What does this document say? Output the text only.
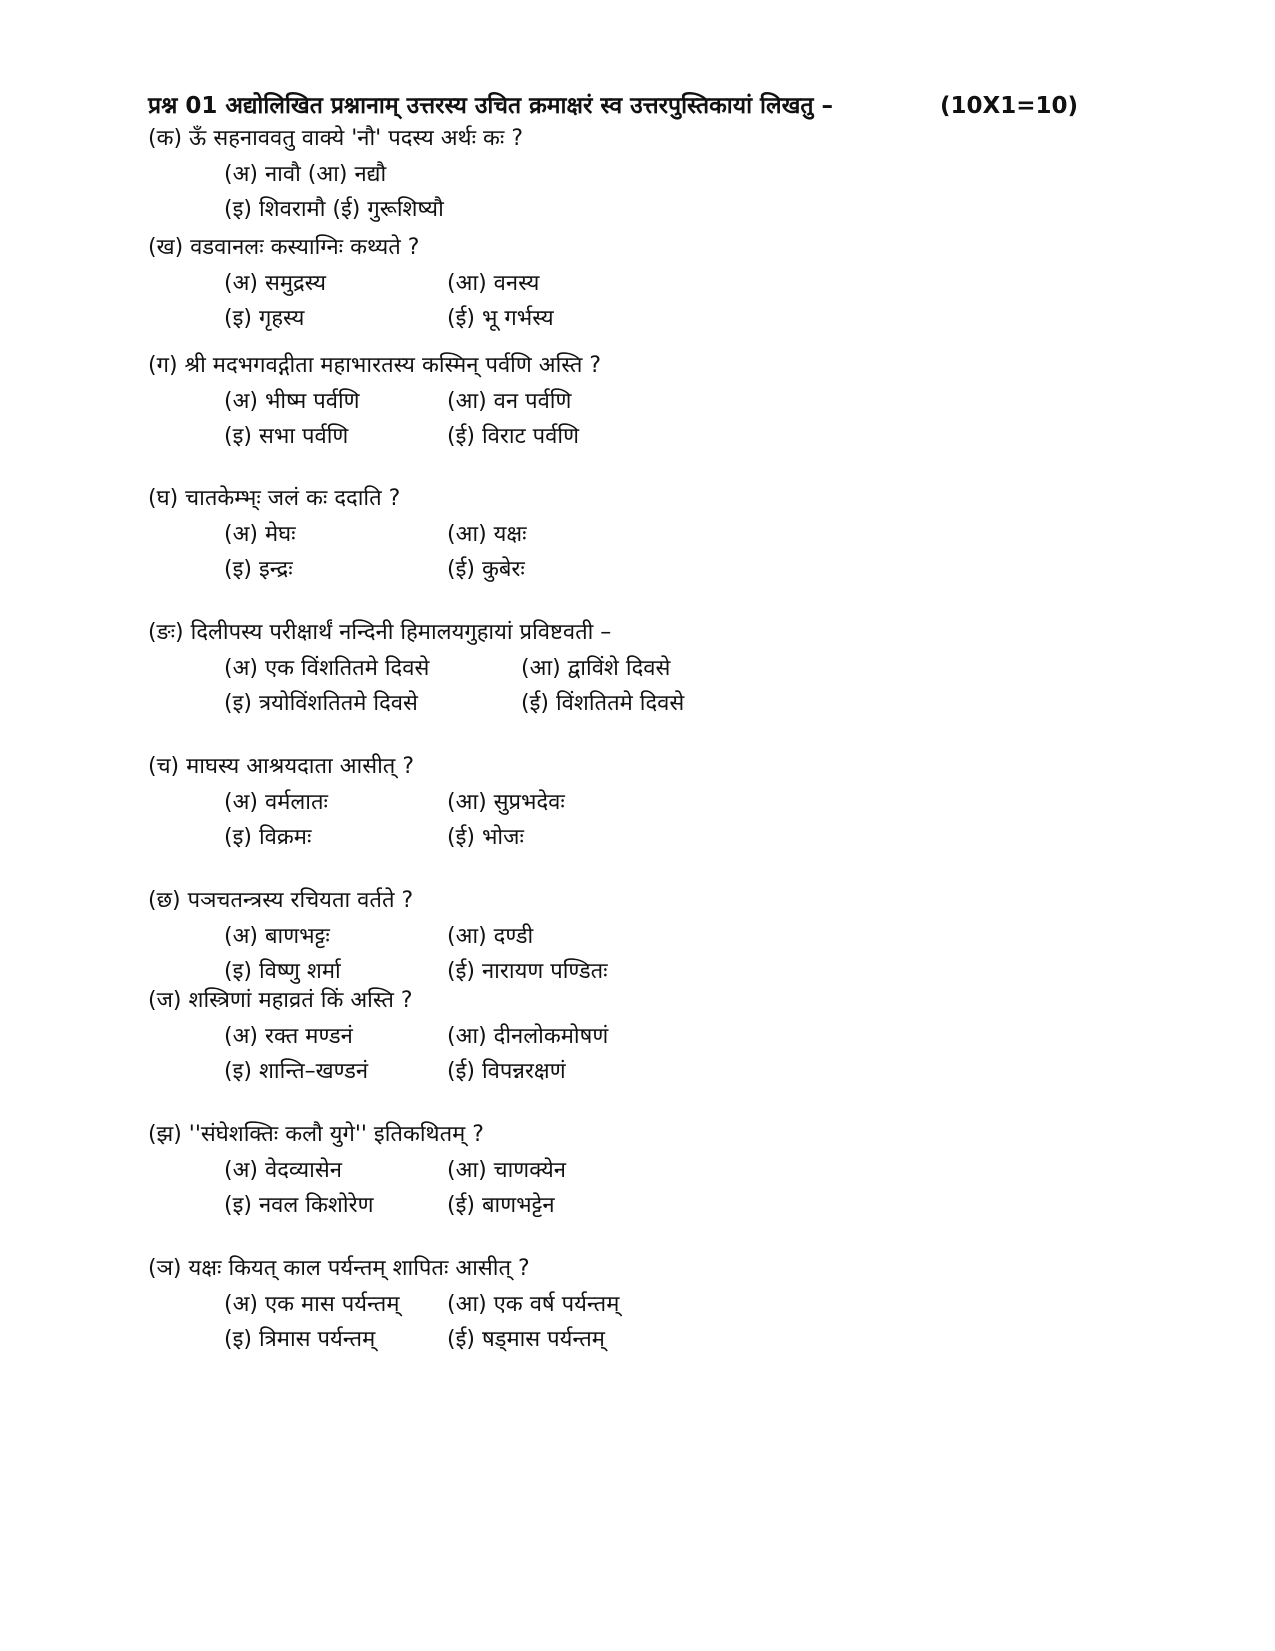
प्रश्न 01 अद्योलिखित प्रश्नानाम् उत्तरस्य उचित क्रमाक्षरं स्व उत्तरपुस्तिकायां लिखतु –	(10X1=10)
(क) ऊँ सहनाववतु वाक्ये 'नौ' पदस्य अर्थः कः ?
(अ) नावौ (आ) नद्यौ
(इ) शिवरामौ (ई) गुरूशिष्यौ
(ख) वडवानलः कस्याग्निः कथ्यते ?
(अ) समुद्रस्य	(आ) वनस्य
(इ) गृहस्य	(ई) भू गर्भस्य
(ग) श्री मदभगवद्गीता महाभारतस्य कस्मिन् पर्वणि अस्ति ?
(अ) भीष्म पर्वणि	(आ) वन पर्वणि
(इ) सभा पर्वणि	(ई) विराट पर्वणि
(घ) चातकेम्भ्ः जलं कः ददाति ?
(अ) मेघः	(आ) यक्षः
(इ) इन्द्रः	(ई) कुबेरः
(ङः) दिलीपस्य परीक्षार्थं नन्दिनी हिमालयगुहायां प्रविष्टवती –
(अ) एक विंशतितमे दिवसे	(आ) द्वाविंशे दिवसे
(इ) त्रयोविंशतितमे दिवसे	(ई) विंशतितमे दिवसे
(च) माघस्य आश्रयदाता आसीत् ?
(अ) वर्मलातः	(आ) सुप्रभदेवः
(इ) विक्रमः	(ई) भोजः
(छ) पञचतन्त्रस्य रचियता वर्तते ?
(अ) बाणभट्टः	(आ) दण्डी
(इ) विष्णु शर्मा	(ई) नारायण पण्डितः
(ज) शस्त्रिणां महाव्रतं किं अस्ति ?
(अ) रक्त मण्डनं	(आ) दीनलोकमोषणं
(इ) शान्ति–खण्डनं	(ई) विपन्नरक्षणं
(झ) ''संघेशक्तिः कलौ युगे'' इतिकथितम् ?
(अ) वेदव्यासेन	(आ) चाणक्येन
(इ) नवल किशोरेण	(ई) बाणभट्टेन
(ञ) यक्षः कियत् काल पर्यन्तम् शापितः आसीत् ?
(अ) एक मास पर्यन्तम् (आ) एक वर्ष पर्यन्तम्
(इ) त्रिमास पर्यन्तम्	(ई) षड्मास पर्यन्तम्
